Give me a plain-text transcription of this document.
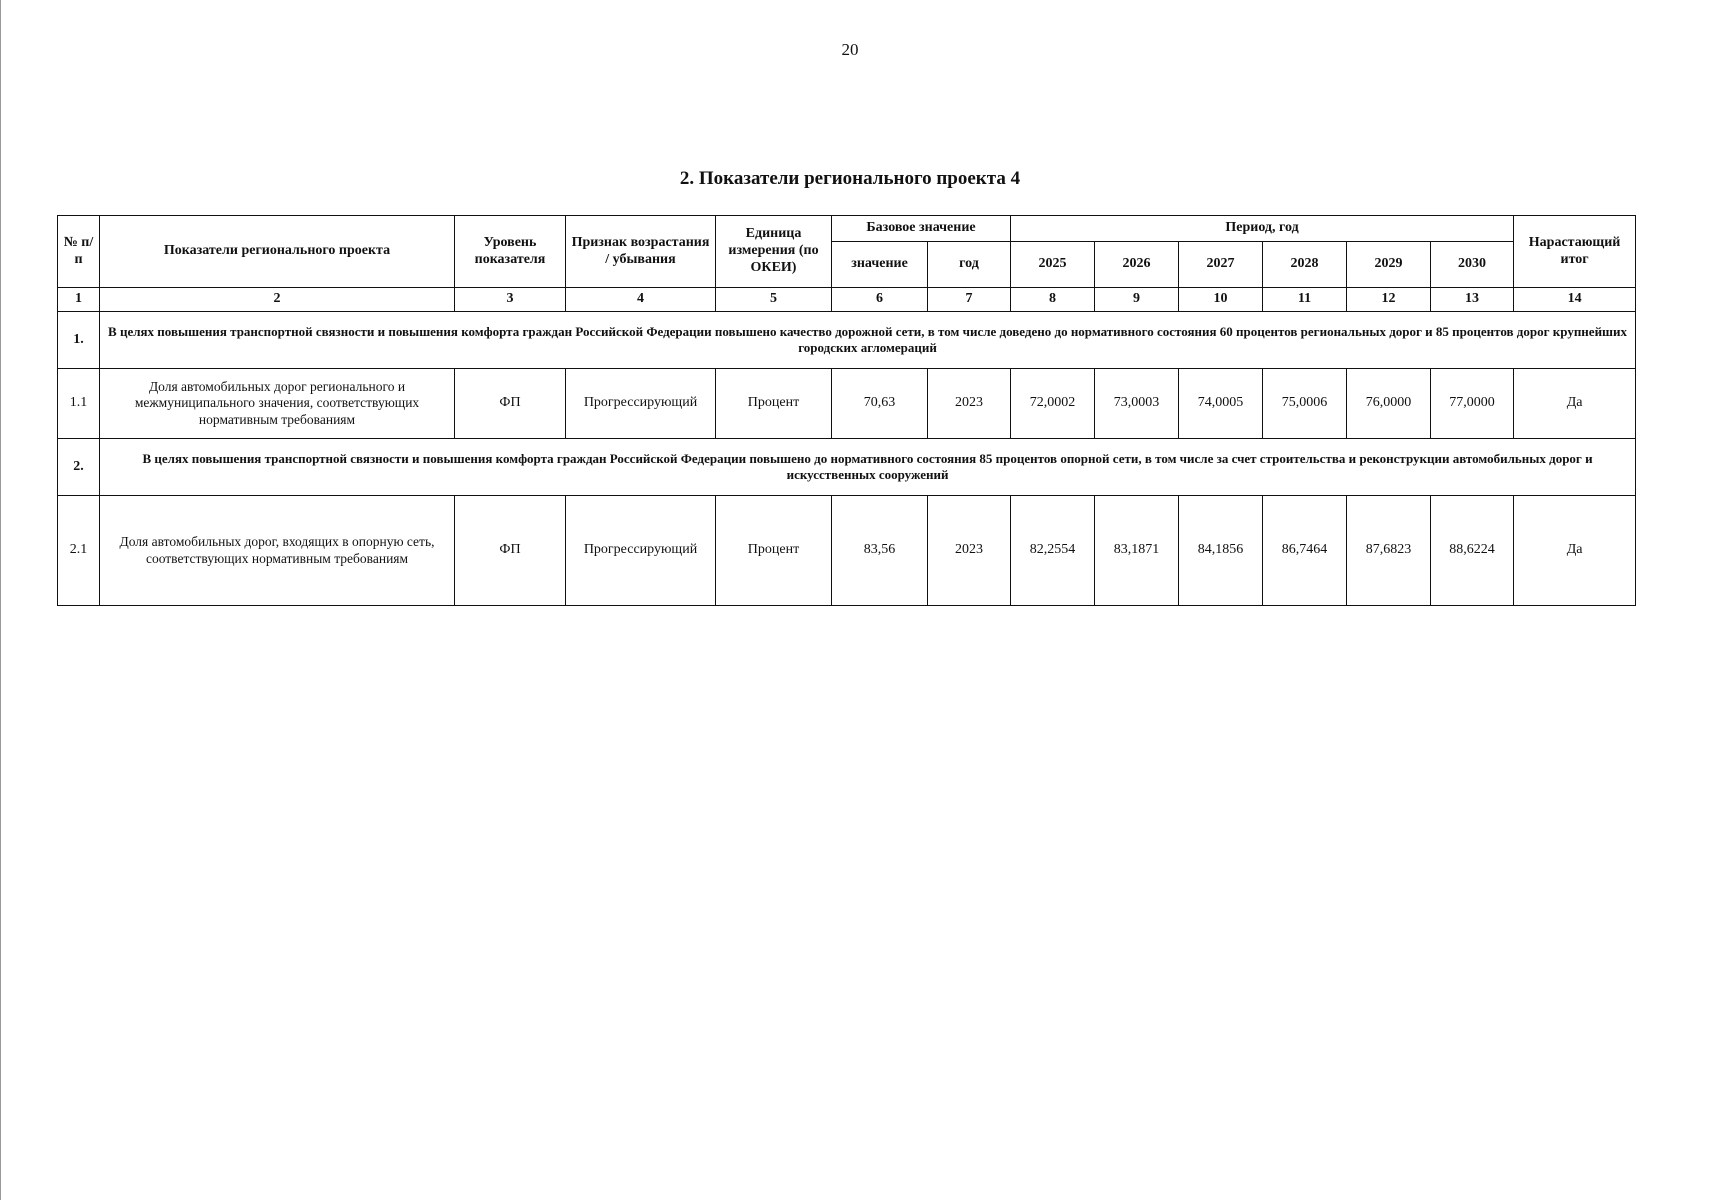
20
2. Показатели регионального проекта 4
№ п/п	Показатели регионального проекта	Уровень показателя	Признак возрастания / убывания	Единица измерения (по ОКЕИ)	Базовое значение		Период, год						Нарастающий итог
					значение	год	2025	2026	2027	2028	2029	2030	
1	2	3	4	5	6	7	8	9	10	11	12	13	14
1.	В целях повышения транспортной связности и повышения комфорта граждан Российской Федерации повышено качество дорожной сети, в том числе доведено до нормативного состояния 60 процентов региональных дорог и 85 процентов дорог крупнейших городских агломераций												
1.1	Доля автомобильных дорог регионального и межмуниципального значения, соответствующих нормативным требованиям	ФП	Прогрессирующий	Процент	70,63	2023	72,0002	73,0003	74,0005	75,0006	76,0000	77,0000	Да
2.	В целях повышения транспортной связности и повышения комфорта граждан Российской Федерации повышено до нормативного состояния 85 процентов опорной сети, в том числе за счет строительства и реконструкции автомобильных дорог и искусственных сооружений												
2.1	Доля автомобильных дорог, входящих в опорную сеть, соответствующих нормативным требованиям	ФП	Прогрессирующий	Процент	83,56	2023	82,2554	83,1871	84,1856	86,7464	87,6823	88,6224	Да
